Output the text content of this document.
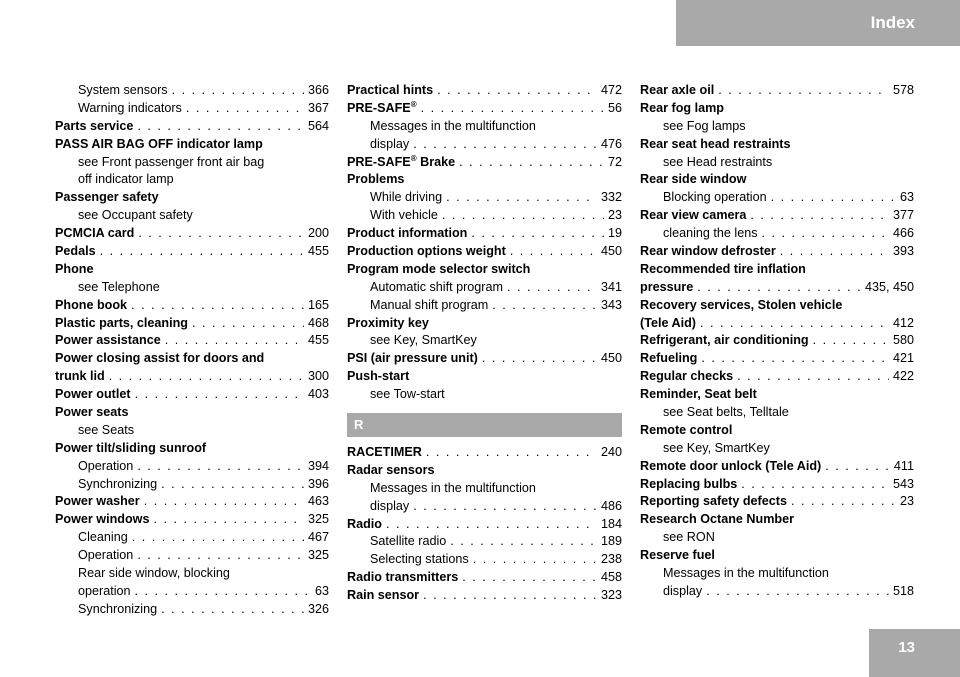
Index
System sensors . . .	366
Warning indicators . . .	367
Parts service . . .	564
PASS AIR BAG OFF indicator lamp
see Front passenger front air bag
off indicator lamp
Passenger safety
see Occupant safety
PCMCIA card . . .	200
Pedals . . .	455
Phone
see Telephone
Phone book . . .	165
Plastic parts, cleaning . . .	468
Power assistance . . .	455
Power closing assist for doors and
trunk lid . . .	300
Power outlet . . .	403
Power seats
see Seats
Power tilt/sliding sunroof
Operation . . .	394
Synchronizing . . .	396
Power washer . . .	463
Power windows . . .	325
Cleaning . . .	467
Operation . . .	325
Rear side window, blocking
operation . . .	63
Synchronizing . . .	326
Practical hints . . .	472
PRE-SAFE® . . .	56
Messages in the multifunction
display . . .	476
PRE-SAFE® Brake . . .	72
Problems
While driving . . .	332
With vehicle . . .	23
Product information . . .	19
Production options weight . . .	450
Program mode selector switch
Automatic shift program . . .	341
Manual shift program . . .	343
Proximity key
see Key, SmartKey
PSI (air pressure unit) . . .	450
Push-start
see Tow-start
R
RACETIMER . . .	240
Radar sensors
Messages in the multifunction
display . . .	486
Radio . . .	184
Satellite radio . . .	189
Selecting stations . . .	238
Radio transmitters . . .	458
Rain sensor . . .	323
Rear axle oil . . .	578
Rear fog lamp
see Fog lamps
Rear seat head restraints
see Head restraints
Rear side window
Blocking operation . . .	63
Rear view camera . . .	377
cleaning the lens . . .	466
Rear window defroster . . .	393
Recommended tire inflation
pressure . . .	435, 450
Recovery services, Stolen vehicle
(Tele Aid) . . .	412
Refrigerant, air conditioning . . .	580
Refueling . . .	421
Regular checks . . .	422
Reminder, Seat belt
see Seat belts, Telltale
Remote control
see Key, SmartKey
Remote door unlock (Tele Aid) . . .	411
Replacing bulbs . . .	543
Reporting safety defects . . .	23
Research Octane Number
see RON
Reserve fuel
Messages in the multifunction
display . . .	518
13
